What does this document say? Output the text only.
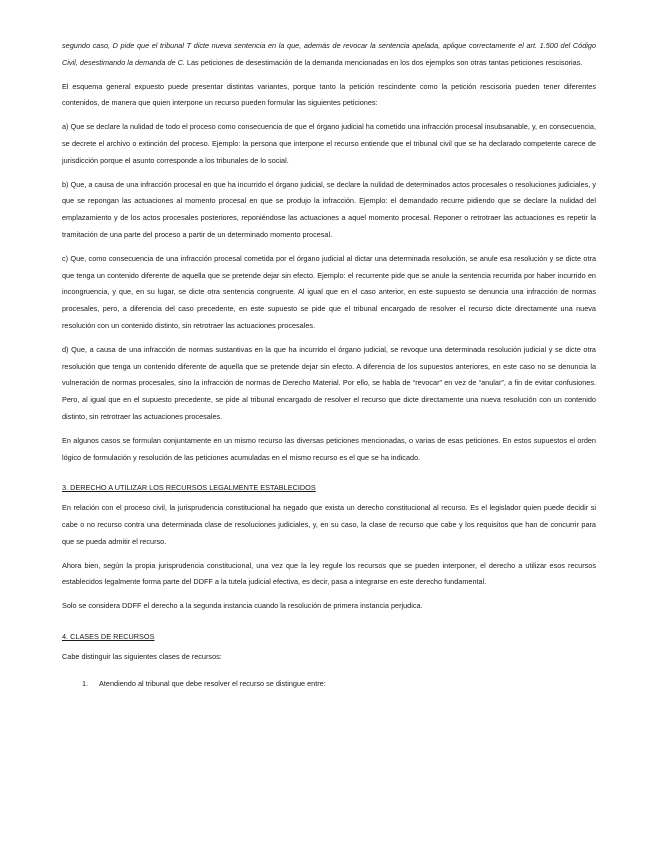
segundo caso, D pide que el tribunal T dicte nueva sentencia en la que, además de revocar la sentencia apelada, aplique correctamente el art. 1.500 del Código Civil, desestimando la demanda de C. Las peticiones de desestimación de la demanda mencionadas en los dos ejemplos son otras tantas peticiones rescisorias.

El esquema general expuesto puede presentar distintas variantes, porque tanto la petición rescindente como la petición rescisoria pueden tener diferentes contenidos, de manera que quien interpone un recurso pueden formular las siguientes peticiones:

a) Que se declare la nulidad de todo el proceso como consecuencia de que el órgano judicial ha cometido una infracción procesal insubsanable, y, en consecuencia, se decrete el archivo o extinción del proceso. Ejemplo: la persona que interpone el recurso entiende que el tribunal civil que se ha declarado competente carece de jurisdicción porque el asunto corresponde a los tribunales de lo social.

b) Que, a causa de una infracción procesal en que ha incurrido el órgano judicial, se declare la nulidad de determinados actos procesales o resoluciones judiciales, y que se repongan las actuaciones al momento procesal en que se produjo la infracción. Ejemplo: el demandado recurre pidiendo que se declare la nulidad del emplazamiento y de los actos procesales posteriores, reponiéndose las actuaciones a aquel momento procesal. Reponer o retrotraer las actuaciones es repetir la tramitación de una parte del proceso a partir de un determinado momento procesal.

c) Que, como consecuencia de una infracción procesal cometida por el órgano judicial al dictar una determinada resolución, se anule esa resolución y se dicte otra que tenga un contenido diferente de aquella que se pretende dejar sin efecto. Ejemplo: el recurrente pide que se anule la sentencia recurrida por haber incurrido en incongruencia, y que, en su lugar, se dicte otra sentencia congruente. Al igual que en el caso anterior, en este supuesto se denuncia una infracción de normas procesales, pero, a diferencia del caso precedente, en este supuesto se pide que el tribunal encargado de resolver el recurso dicte directamente una nueva resolución con un contenido distinto, sin retrotraer las actuaciones procesales.

d) Que, a causa de una infracción de normas sustantivas en la que ha incurrido el órgano judicial, se revoque una determinada resolución judicial y se dicte otra resolución que tenga un contenido diferente de aquella que se pretende dejar sin efecto. A diferencia de los supuestos anteriores, en este caso no se denuncia la vulneración de normas procesales, sino la infracción de normas de Derecho Material. Por ello, se habla de “revocar” en vez de “anular”, a fin de evitar confusiones. Pero, al igual que en el supuesto precedente, se pide al tribunal encargado de resolver el recurso que dicte directamente una nueva resolución con un contenido distinto, sin retrotraer las actuaciones procesales.

En algunos casos se formulan conjuntamente en un mismo recurso las diversas peticiones mencionadas, o varias de esas peticiones. En estos supuestos el orden lógico de formulación y resolución de las peticiones acumuladas en el mismo recurso es el que se ha indicado.

3. DERECHO A UTILIZAR LOS RECURSOS LEGALMENTE ESTABLECIDOS

En relación con el proceso civil, la jurisprudencia constitucional ha negado que exista un derecho constitucional al recurso. Es el legislador quien puede decidir si cabe o no recurso contra una determinada clase de resoluciones judiciales, y, en su caso, la clase de recurso que cabe y los requisitos que han de concurrir para que se pueda admitir el recurso.

Ahora bien, según la propia jurisprudencia constitucional, una vez que la ley regule los recursos que se pueden interponer, el derecho a utilizar esos recursos establecidos legalmente forma parte del DDFF a la tutela judicial efectiva, es decir, pasa a integrarse en este derecho fundamental.

Solo se considera DDFF el derecho a la segunda instancia cuando la resolución de primera instancia perjudica.

4. CLASES DE RECURSOS

Cabe distinguir las siguientes clases de recursos:

1. Atendiendo al tribunal que debe resolver el recurso se distingue entre:
